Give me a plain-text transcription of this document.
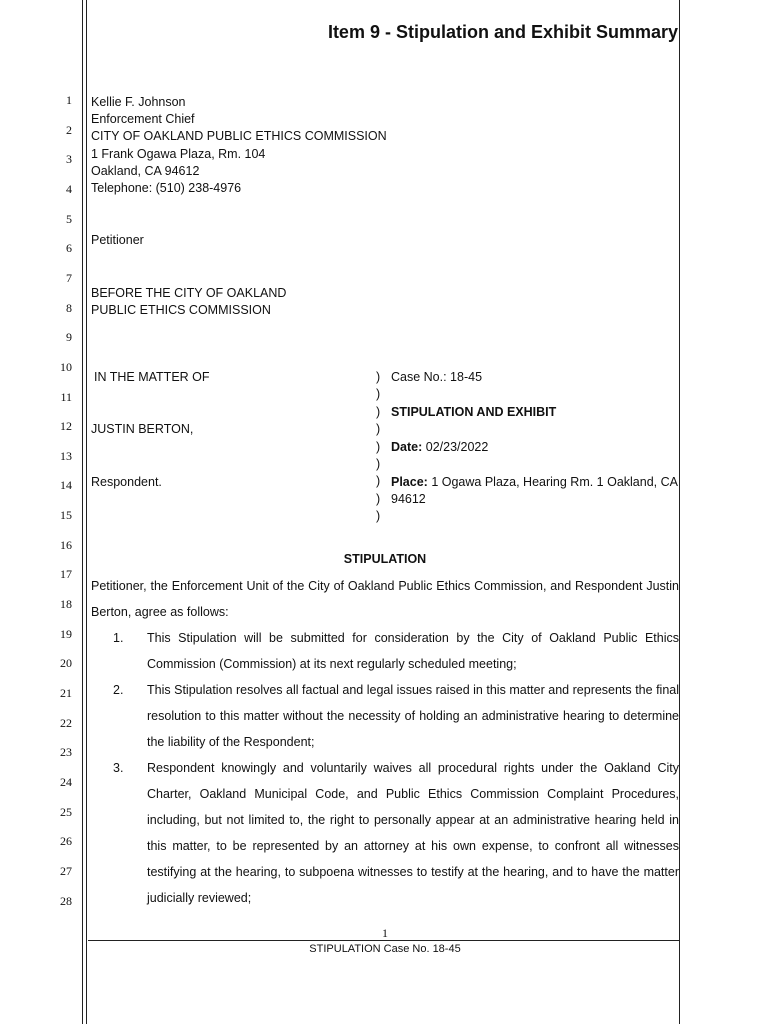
Item 9 - Stipulation and Exhibit Summary
1
2
3
4
5
6
7
8
9
10
11
12
13
14
15
16
17
18
19
20
21
22
23
24
25
26
27
28
Kellie F. Johnson
Enforcement Chief
CITY OF OAKLAND PUBLIC ETHICS COMMISSION
1 Frank Ogawa Plaza, Rm. 104
Oakland, CA 94612
Telephone: (510) 238-4976
Petitioner
BEFORE THE CITY OF OAKLAND
PUBLIC ETHICS COMMISSION
IN THE MATTER OF
JUSTIN BERTON,
Respondent.
)
)
)
)
)
)
)
)
)
Case No.: 18-45
STIPULATION AND EXHIBIT
Date: 02/23/2022
Place: 1 Ogawa Plaza, Hearing Rm. 1 Oakland, CA
94612
STIPULATION
Petitioner, the Enforcement Unit of the City of Oakland Public Ethics Commission, and Respondent Justin Berton, agree as follows:
1. This Stipulation will be submitted for consideration by the City of Oakland Public Ethics Commission (Commission) at its next regularly scheduled meeting;
2. This Stipulation resolves all factual and legal issues raised in this matter and represents the final resolution to this matter without the necessity of holding an administrative hearing to determine the liability of the Respondent;
3. Respondent knowingly and voluntarily waives all procedural rights under the Oakland City Charter, Oakland Municipal Code, and Public Ethics Commission Complaint Procedures, including, but not limited to, the right to personally appear at an administrative hearing held in this matter, to be represented by an attorney at his own expense, to confront all witnesses testifying at the hearing, to subpoena witnesses to testify at the hearing, and to have the matter judicially reviewed;
1
STIPULATION Case No. 18-45
